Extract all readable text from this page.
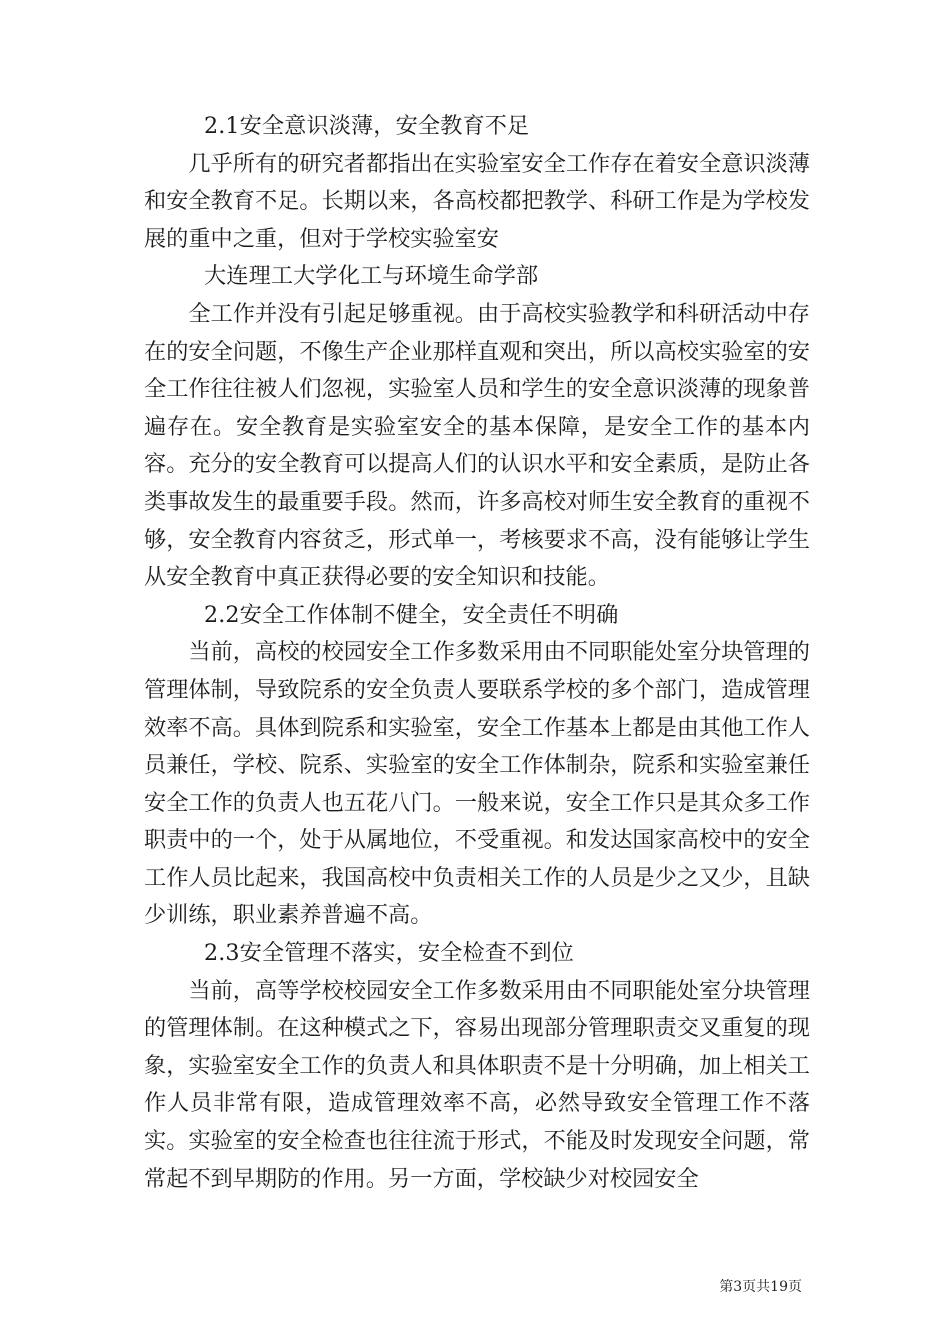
2.1安全意识淡薄，安全教育不足

几乎所有的研究者都指出在实验室安全工作存在着安全意识淡薄和安全教育不足。长期以来，各高校都把教学、科研工作是为学校发展的重中之重，但对于学校实验室安

大连理工大学化工与环境生命学部

全工作并没有引起足够重视。由于高校实验教学和科研活动中存在的安全问题，不像生产企业那样直观和突出，所以高校实验室的安全工作往往被人们忽视，实验室人员和学生的安全意识淡薄的现象普遍存在。安全教育是实验室安全的基本保障，是安全工作的基本内容。充分的安全教育可以提高人们的认识水平和安全素质，是防止各类事故发生的最重要手段。然而，许多高校对师生安全教育的重视不够，安全教育内容贫乏，形式单一，考核要求不高，没有能够让学生从安全教育中真正获得必要的安全知识和技能。

2.2安全工作体制不健全，安全责任不明确

当前，高校的校园安全工作多数采用由不同职能处室分块管理的管理体制，导致院系的安全负责人要联系学校的多个部门，造成管理效率不高。具体到院系和实验室，安全工作基本上都是由其他工作人员兼任，学校、院系、实验室的安全工作体制杂，院系和实验室兼任安全工作的负责人也五花八门。一般来说，安全工作只是其众多工作职责中的一个，处于从属地位，不受重视。和发达国家高校中的安全工作人员比起来，我国高校中负责相关工作的人员是少之又少，且缺少训练，职业素养普遍不高。

2.3安全管理不落实，安全检查不到位

当前，高等学校校园安全工作多数采用由不同职能处室分块管理的管理体制。在这种模式之下，容易出现部分管理职责交叉重复的现象，实验室安全工作的负责人和具体职责不是十分明确，加上相关工作人员非常有限，造成管理效率不高，必然导致安全管理工作不落实。实验室的安全检查也往往流于形式，不能及时发现安全问题，常常起不到早期防的作用。另一方面，学校缺少对校园安全

第3页共19页
